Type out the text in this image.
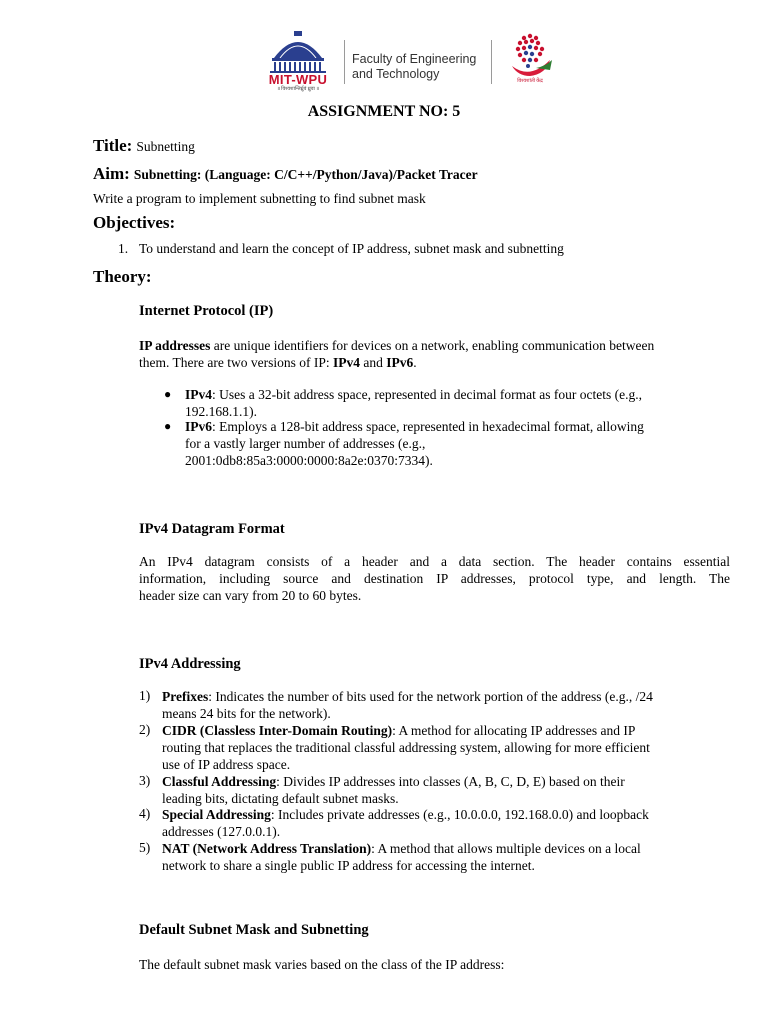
MIT-WPU
॥ विश्वशान्तिर्ध्रुवं ध्रुवा ॥
Faculty of Engineering
and Technology
विश्वशांती केंद्र
ASSIGNMENT NO: 5
Title: Subnetting
Aim: Subnetting: (Language: C/C++/Python/Java)/Packet Tracer
Write a program to implement subnetting to find subnet mask
Objectives:
1. To understand and learn the concept of IP address, subnet mask and subnetting
Theory:
Internet Protocol (IP)
IP addresses are unique identifiers for devices on a network, enabling communication between
them. There are two versions of IP: IPv4 and IPv6.
● IPv4: Uses a 32-bit address space, represented in decimal format as four octets (e.g.,
192.168.1.1).
● IPv6: Employs a 128-bit address space, represented in hexadecimal format, allowing
for a vastly larger number of addresses (e.g.,
2001:0db8:85a3:0000:0000:8a2e:0370:7334).
IPv4 Datagram Format
An IPv4 datagram consists of a header and a data section. The header contains essential
information, including source and destination IP addresses, protocol type, and length. The
header size can vary from 20 to 60 bytes.
IPv4 Addressing
1) Prefixes: Indicates the number of bits used for the network portion of the address (e.g., /24
means 24 bits for the network).
2) CIDR (Classless Inter-Domain Routing): A method for allocating IP addresses and IP
routing that replaces the traditional classful addressing system, allowing for more efficient
use of IP address space.
3) Classful Addressing: Divides IP addresses into classes (A, B, C, D, E) based on their
leading bits, dictating default subnet masks.
4) Special Addressing: Includes private addresses (e.g., 10.0.0.0, 192.168.0.0) and loopback
addresses (127.0.0.1).
5) NAT (Network Address Translation): A method that allows multiple devices on a local
network to share a single public IP address for accessing the internet.
Default Subnet Mask and Subnetting
The default subnet mask varies based on the class of the IP address:
